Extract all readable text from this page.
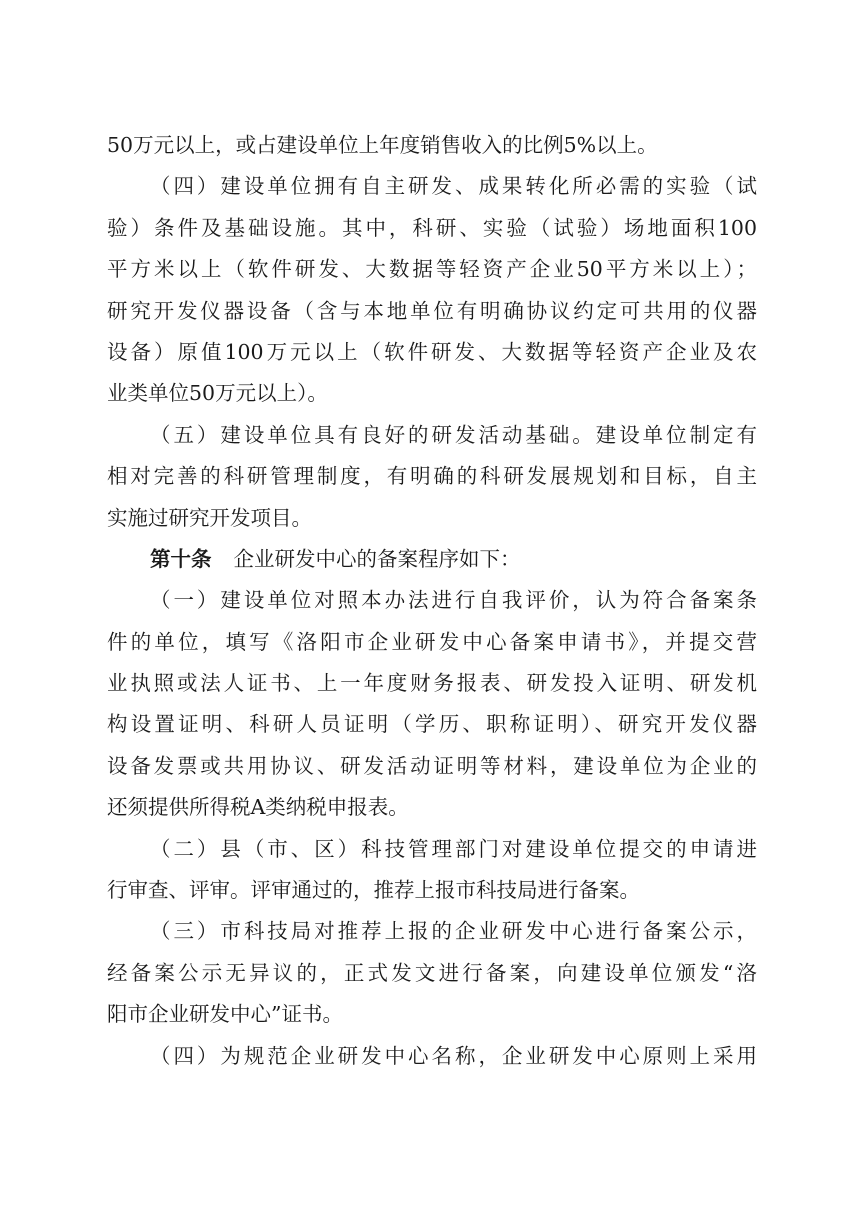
50万元以上，或占建设单位上年度销售收入的比例5%以上。
（四）建设单位拥有自主研发、成果转化所必需的实验（试
验）条件及基础设施。其中，科研、实验（试验）场地面积100
平方米以上（软件研发、大数据等轻资产企业50平方米以上）；
研究开发仪器设备（含与本地单位有明确协议约定可共用的仪器
设备）原值100万元以上（软件研发、大数据等轻资产企业及农
业类单位50万元以上）。
（五）建设单位具有良好的研发活动基础。建设单位制定有
相对完善的科研管理制度，有明确的科研发展规划和目标，自主
实施过研究开发项目。
第十条 企业研发中心的备案程序如下：
（一）建设单位对照本办法进行自我评价，认为符合备案条
件的单位，填写《洛阳市企业研发中心备案申请书》，并提交营
业执照或法人证书、上一年度财务报表、研发投入证明、研发机
构设置证明、科研人员证明（学历、职称证明）、研究开发仪器
设备发票或共用协议、研发活动证明等材料，建设单位为企业的
还须提供所得税A类纳税申报表。
（二）县（市、区）科技管理部门对建设单位提交的申请进
行审查、评审。评审通过的，推荐上报市科技局进行备案。
（三）市科技局对推荐上报的企业研发中心进行备案公示，
经备案公示无异议的，正式发文进行备案，向建设单位颁发“洛
阳市企业研发中心”证书。
（四）为规范企业研发中心名称，企业研发中心原则上采用
